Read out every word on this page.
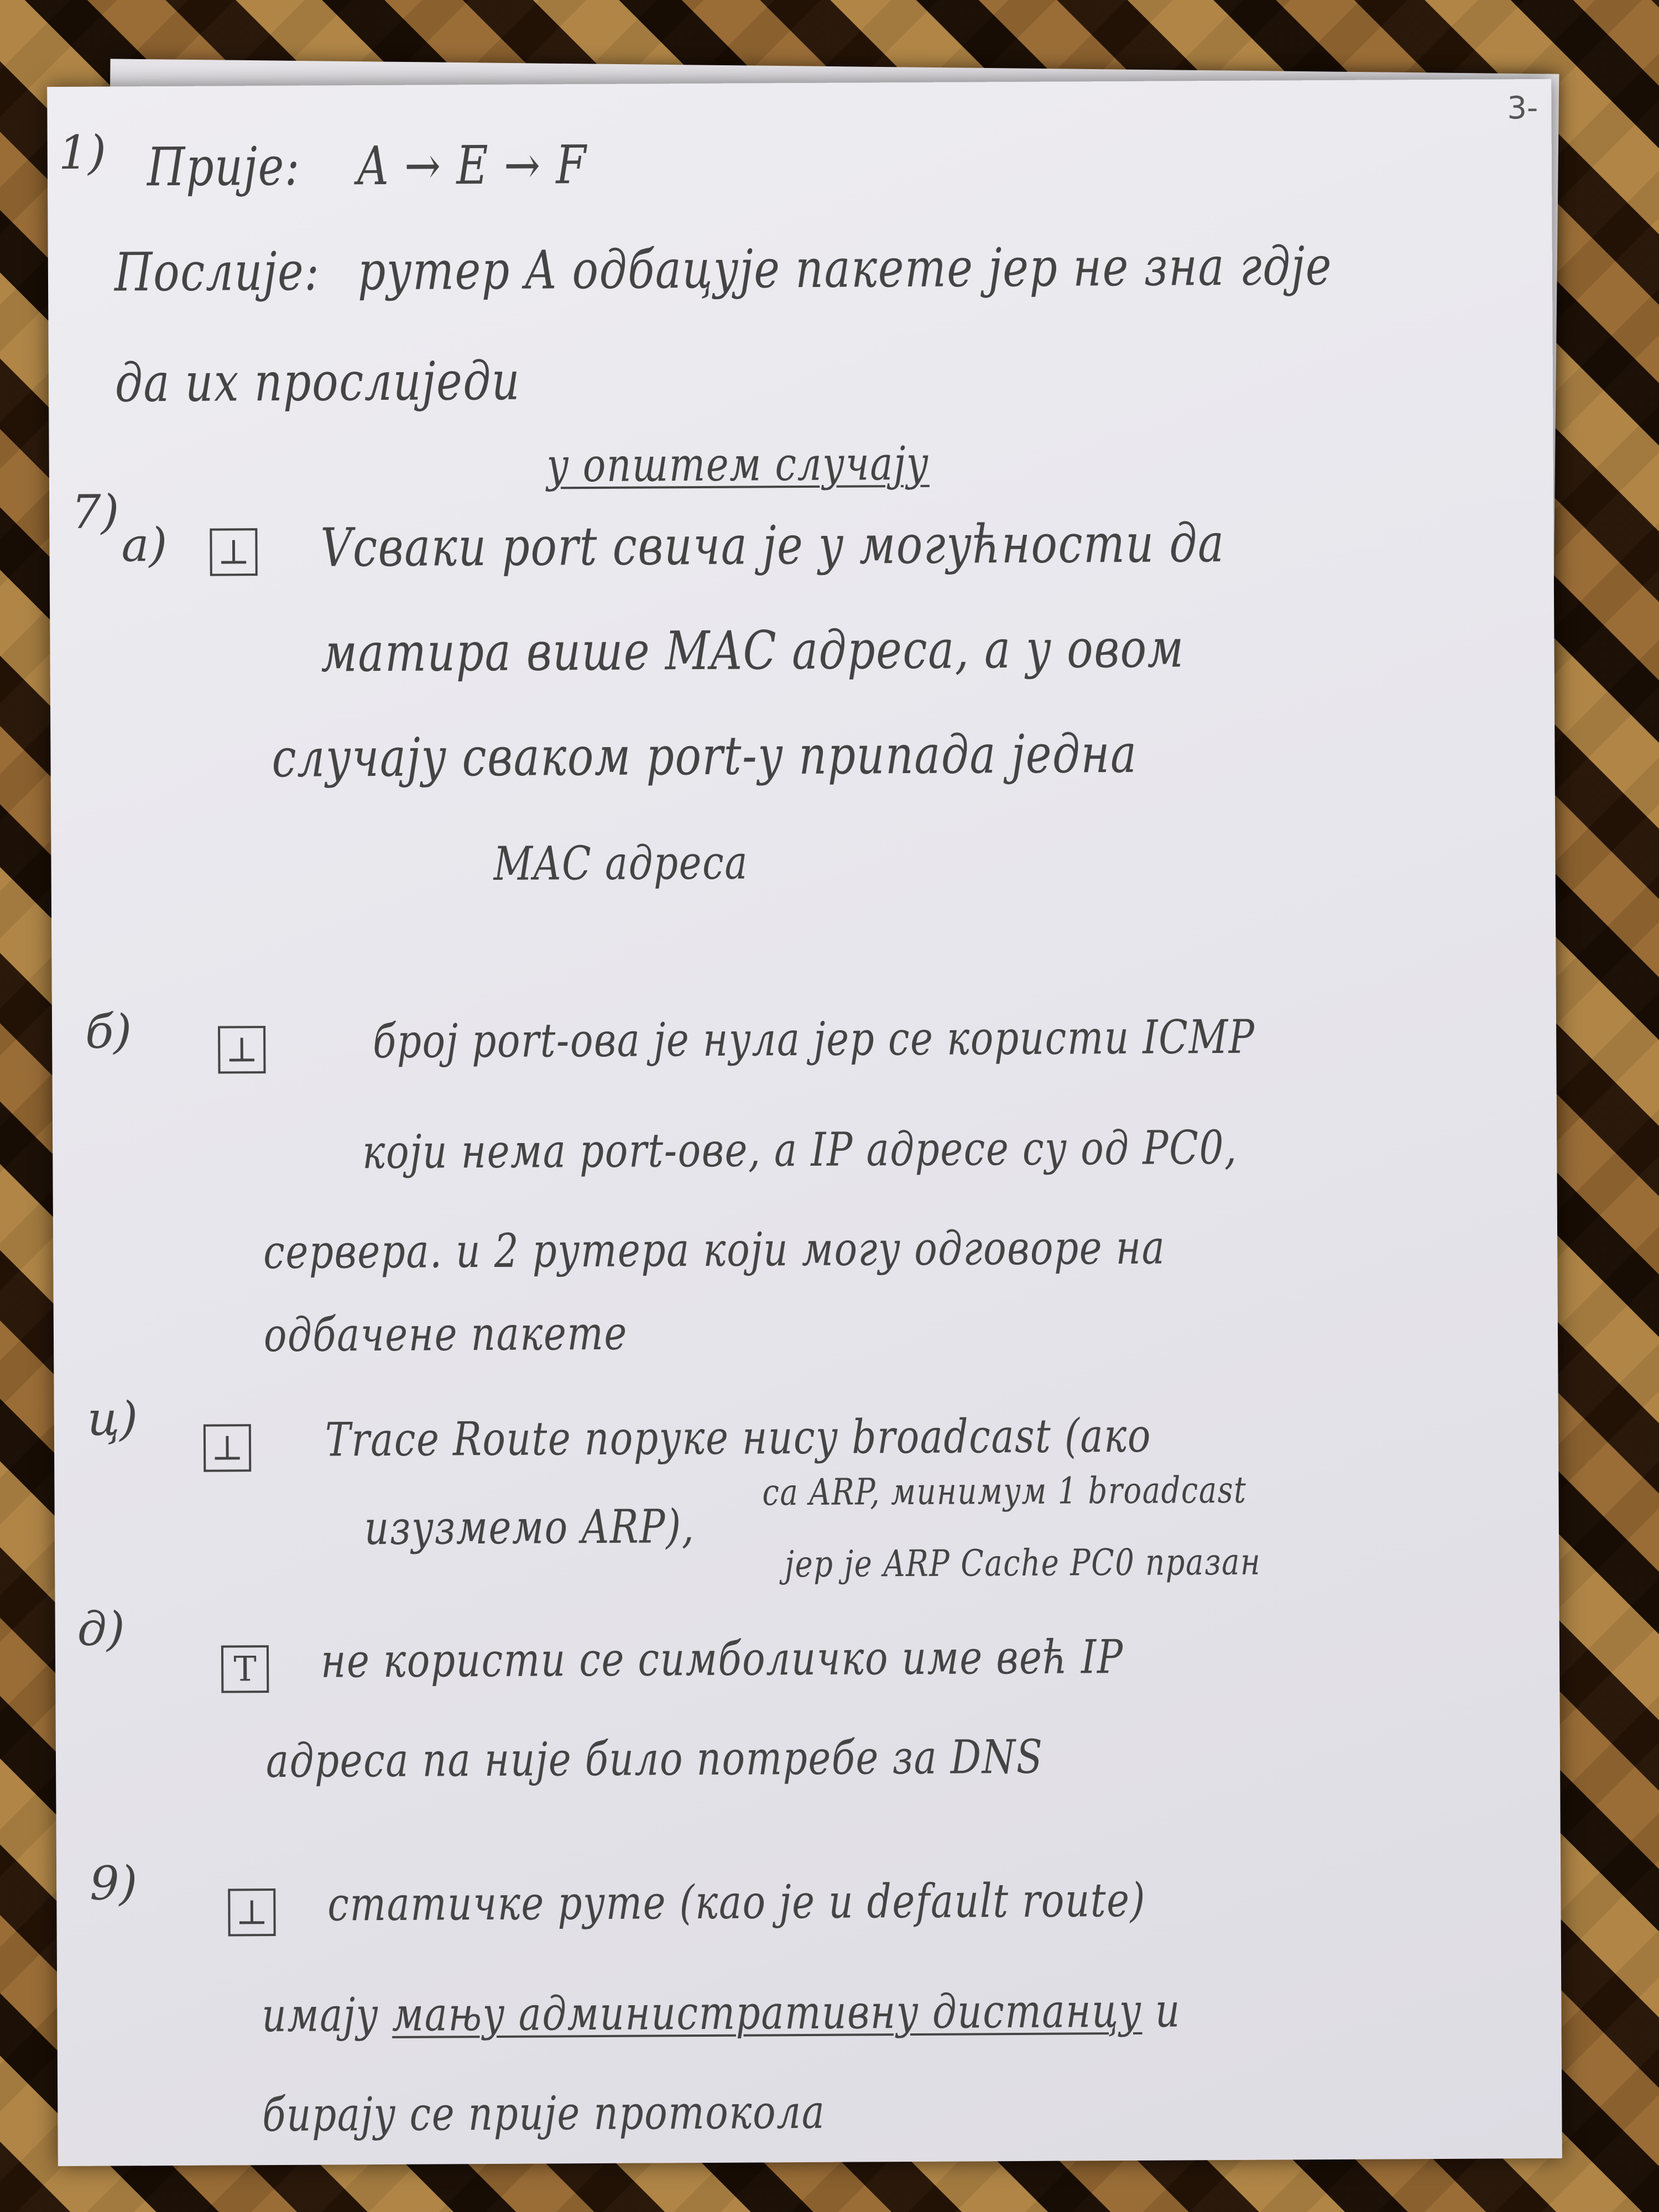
3-
1) Прије: A → E → F
Послије: рутер A одбацује пакете јер не зна гдје
да их прослиједи
у општем случају
7)
а) ⊥ Vсваки port свича је у могућности да
матира више MAC адреса, а у овом
случају сваком port-у припада једна
MAC адреса
б)	⊥ број port-ова је нула јер се користи ICMP
који нема port-ове, а IP адресе су од PC0,
сервера. и 2 рутера који могу одговоре на
одбачене пакете
ц)
⊥ Trace Route поруке нису broadcast (ако
изузмемо ARP),
са ARP, минимум 1 broadcast
јер је ARP Cache PC0 празан
д)
T не користи се симболичко име већ IP
адреса па није било потребе за DNS
9)
⊥ статичке руте (као је и default route)
имају мању административну дистанцу и
бирају се прије протокола
